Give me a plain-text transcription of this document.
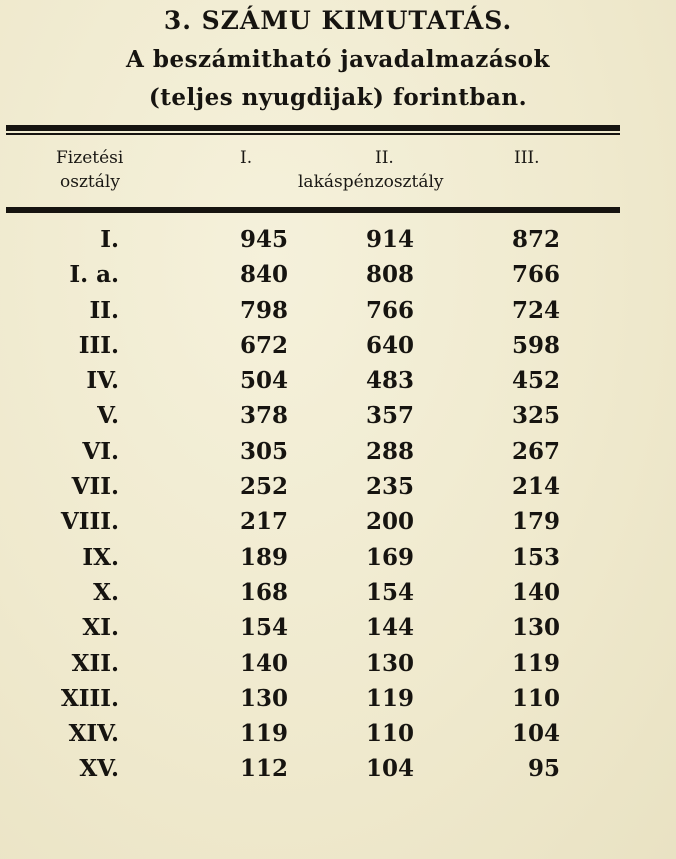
3. SZÁMU KIMUTATÁS.
A beszámitható javadalmazások
(teljes nyugdijak) forintban.
Fizetési
osztály
I.	II.	III.
lakáspénzosztály
I.	945	914	872
I. a.	840	808	766
II.	798	766	724
III.	672	640	598
IV.	504	483	452
V.	378	357	325
VI.	305	288	267
VII.	252	235	214
VIII.	217	200	179
IX.	189	169	153
X.	168	154	140
XI.	154	144	130
XII.	140	130	119
XIII.	130	119	110
XIV.	119	110	104
XV.	112	104	95
